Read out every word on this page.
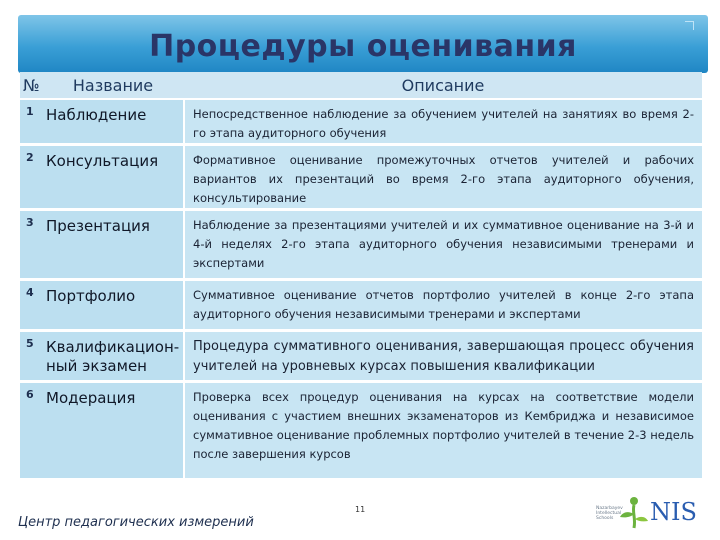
Процедуры оценивания
№	Название	Описание
1	Наблюдение	Непосредственное наблюдение за обучением учителей на занятиях во время 2-го этапа аудиторного обучения
2	Консультация	Формативное оценивание промежуточных отчетов учителей и рабочих вариантов их презентаций во время 2-го этапа аудиторного обучения, консультирование
3	Презентация	Наблюдение за презентациями учителей и их суммативное оценивание на 3-й и 4-й неделях 2-го этапа аудиторного обучения независимыми тренерами и экспертами
4	Портфолио	Суммативное оценивание отчетов портфолио учителей в конце 2-го этапа аудиторного обучения независимыми тренерами и экспертами
5	Квалификацион-ный экзамен	Процедура суммативного оценивания, завершающая процесс обучения учителей на уровневых курсах повышения квалификации
6	Модерация	Проверка всех процедур оценивания на курсах на соответствие модели оценивания с участием внешних экзаменаторов из Кембриджа и независимое суммативное оценивание проблемных портфолио учителей в течение 2-3 недель после завершения курсов
11
Центр педагогических измерений
Nazarbayev Intellectual Schools	NIS
